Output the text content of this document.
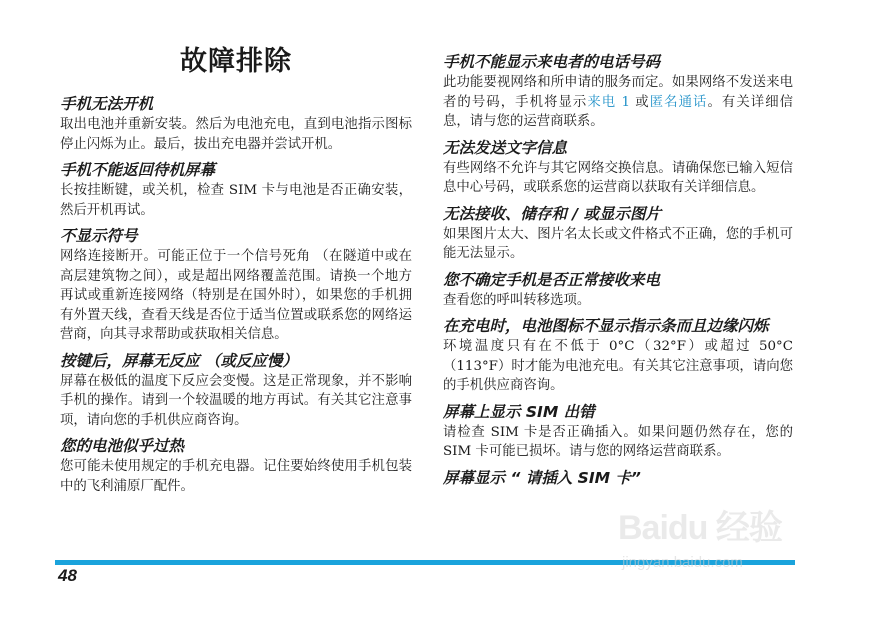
故障排除
手机无法开机

取出电池并重新安装。然后为电池充电，直到电池指示图标停止闪烁为止。最后，拔出充电器并尝试开机。

手机不能返回待机屏幕

长按挂断键，或关机，检查 SIM 卡与电池是否正确安装，然后开机再试。

不显示符号

网络连接断开。可能正位于一个信号死角 （在隧道中或在高层建筑物之间），或是超出网络覆盖范围。请换一个地方再试或重新连接网络（特别是在国外时），如果您的手机拥有外置天线，查看天线是否位于适当位置或联系您的网络运营商，向其寻求帮助或获取相关信息。

按键后，屏幕无反应 （或反应慢）

屏幕在极低的温度下反应会变慢。这是正常现象，并不影响手机的操作。请到一个较温暖的地方再试。有关其它注意事项，请向您的手机供应商咨询。

您的电池似乎过热

您可能未使用规定的手机充电器。记住要始终使用手机包装中的飞利浦原厂配件。

手机不能显示来电者的电话号码

此功能要视网络和所申请的服务而定。如果网络不发送来电者的号码，手机将显示来电 1 或匿名通话。有关详细信息，请与您的运营商联系。

无法发送文字信息

有些网络不允许与其它网络交换信息。请确保您已输入短信息中心号码，或联系您的运营商以获取有关详细信息。

无法接收、储存和 / 或显示图片

如果图片太大、图片名太长或文件格式不正确，您的手机可能无法显示。

您不确定手机是否正常接收来电

查看您的呼叫转移选项。

在充电时，电池图标不显示指示条而且边缘闪烁

环境温度只有在不低于 0°C（32°F）或超过 50°C（113°F）时才能为电池充电。有关其它注意事项，请向您的手机供应商咨询。

屏幕上显示 SIM 出错

请检查 SIM 卡是否正确插入。如果问题仍然存在，您的 SIM 卡可能已损坏。请与您的网络运营商联系。

屏幕显示 “ 请插入 SIM 卡”
48
Baidu 经验
jingyan.baidu.com
